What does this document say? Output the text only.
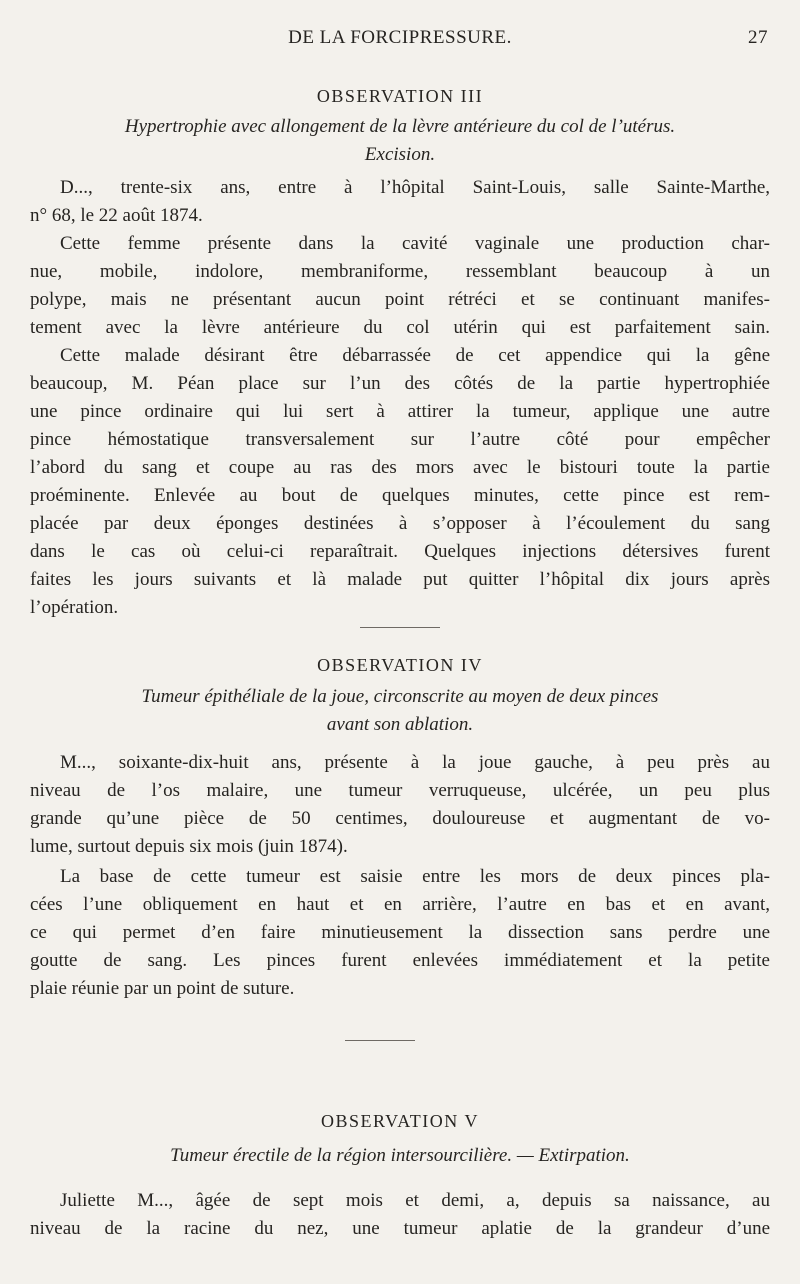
DE LA FORCIPRESSURE.	27
OBSERVATION III
Hypertrophie avec allongement de la lèvre antérieure du col de l’utérus.
Excision.
D..., trente-six ans, entre à l’hôpital Saint-Louis, salle Sainte-Marthe,
n° 68, le 22 août 1874.
Cette femme présente dans la cavité vaginale une production char-
nue, mobile, indolore, membraniforme, ressemblant beaucoup à un
polype, mais ne présentant aucun point rétréci et se continuant manifes-
tement avec la lèvre antérieure du col utérin qui est parfaitement sain.
Cette malade désirant être débarrassée de cet appendice qui la gêne
beaucoup, M. Péan place sur l’un des côtés de la partie hypertrophiée
une pince ordinaire qui lui sert à attirer la tumeur, applique une autre
pince hémostatique transversalement sur l’autre côté pour empêcher
l’abord du sang et coupe au ras des mors avec le bistouri toute la partie
proéminente. Enlevée au bout de quelques minutes, cette pince est rem-
placée par deux éponges destinées à s’opposer à l’écoulement du sang
dans le cas où celui-ci reparaîtrait. Quelques injections détersives furent
faites les jours suivants et là malade put quitter l’hôpital dix jours après
l’opération.
OBSERVATION IV
Tumeur épithéliale de la joue, circonscrite au moyen de deux pinces
avant son ablation.
M..., soixante-dix-huit ans, présente à la joue gauche, à peu près au
niveau de l’os malaire, une tumeur verruqueuse, ulcérée, un peu plus
grande qu’une pièce de 50 centimes, douloureuse et augmentant de vo-
lume, surtout depuis six mois (juin 1874).
La base de cette tumeur est saisie entre les mors de deux pinces pla-
cées l’une obliquement en haut et en arrière, l’autre en bas et en avant,
ce qui permet d’en faire minutieusement la dissection sans perdre une
goutte de sang. Les pinces furent enlevées immédiatement et la petite
plaie réunie par un point de suture.
OBSERVATION V
Tumeur érectile de la région intersourcilière. — Extirpation.
Juliette M..., âgée de sept mois et demi, a, depuis sa naissance, au
niveau de la racine du nez, une tumeur aplatie de la grandeur d’une
